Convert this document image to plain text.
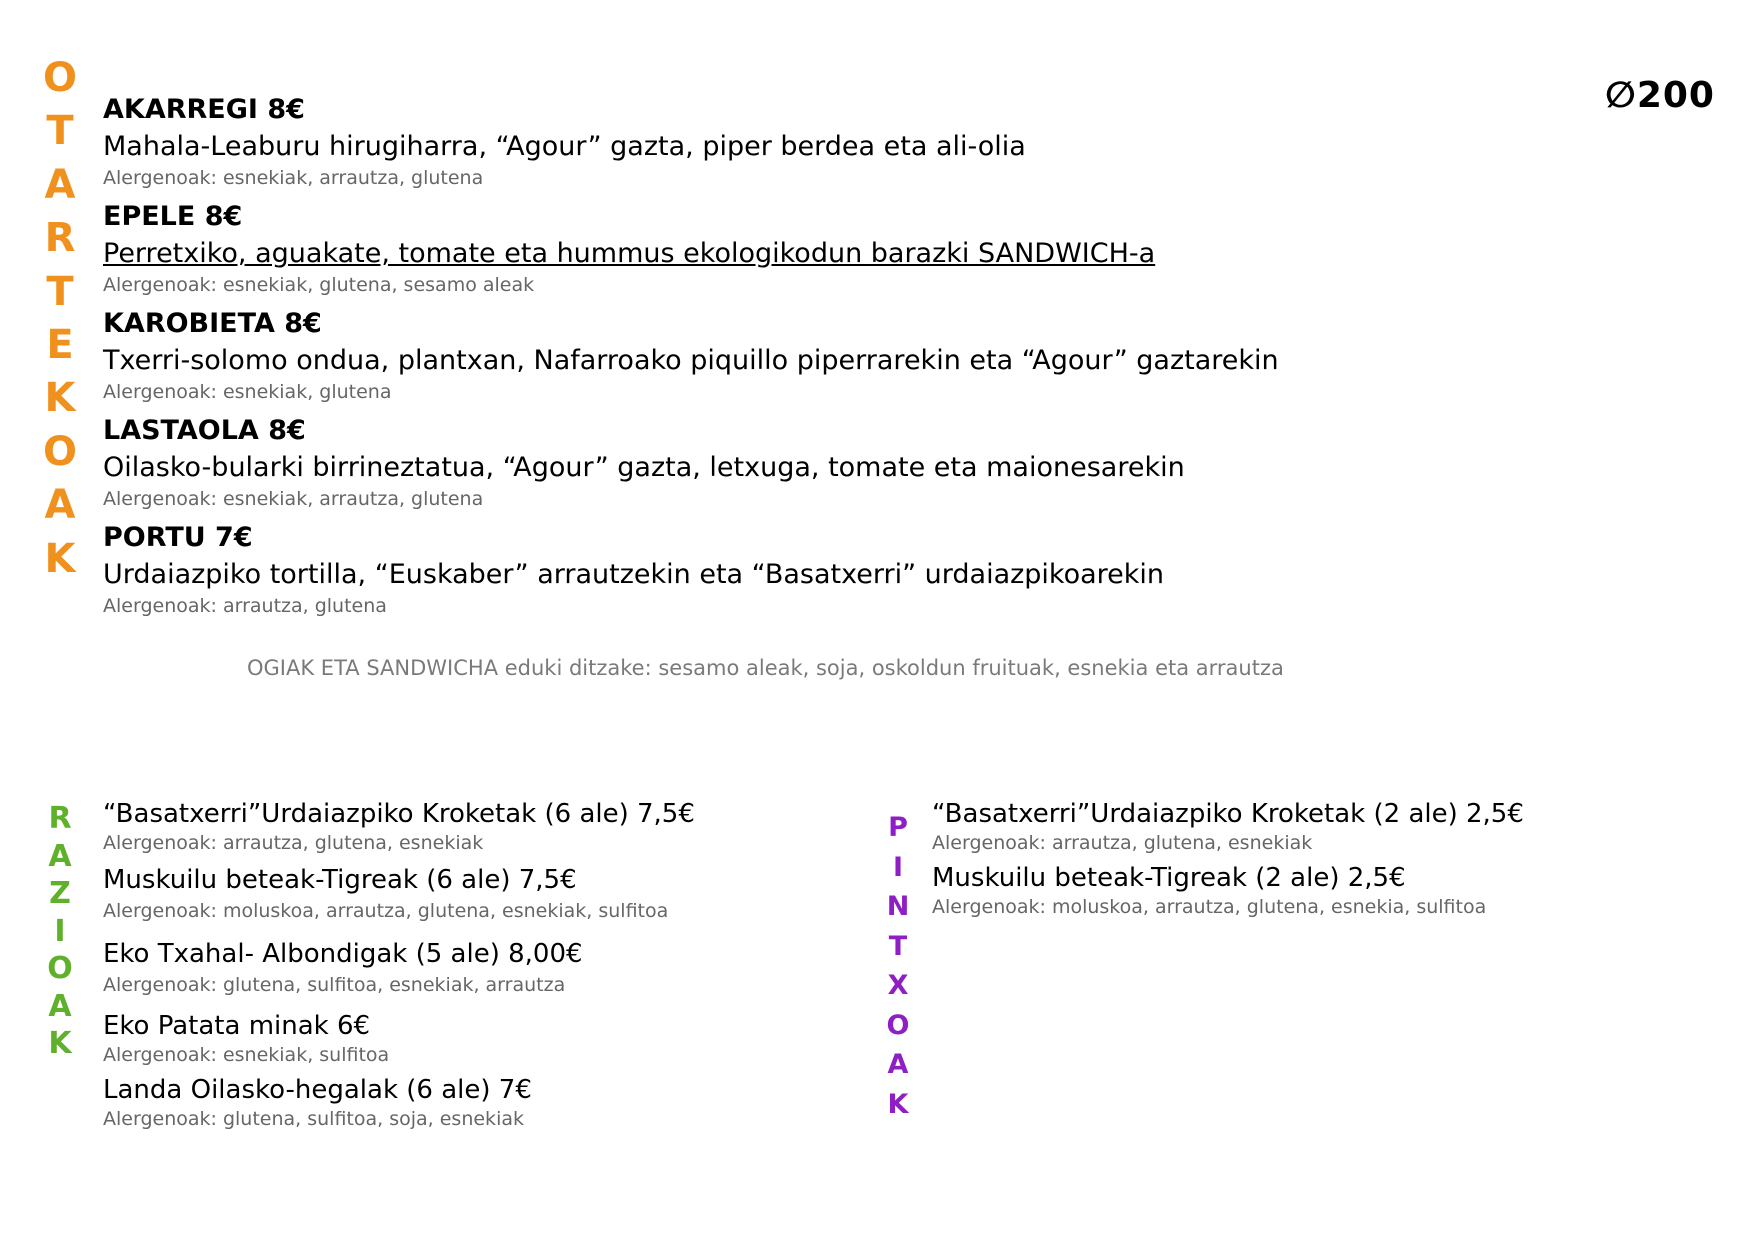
O
T
A
R
T
E
K
O
A
K
R
A
Z
I
O
A
K
P
I
N
T
X
O
A
K
∅200
AKARREGI 8€
Mahala-Leaburu hirugiharra, “Agour” gazta, piper berdea eta ali-olia
Alergenoak: esnekiak, arrautza, glutena
EPELE 8€
Perretxiko, aguakate, tomate eta hummus ekologikodun barazki SANDWICH-a
Alergenoak: esnekiak, glutena, sesamo aleak
KAROBIETA 8€
Txerri-solomo ondua, plantxan, Nafarroako piquillo piperrarekin eta “Agour” gaztarekin
Alergenoak: esnekiak, glutena
LASTAOLA 8€
Oilasko-bularki birrineztatua, “Agour” gazta, letxuga, tomate eta maionesarekin
Alergenoak: esnekiak, arrautza, glutena
PORTU 7€
Urdaiazpiko tortilla, “Euskaber” arrautzekin eta “Basatxerri” urdaiazpikoarekin
Alergenoak: arrautza, glutena
OGIAK ETA SANDWICHA eduki ditzake: sesamo aleak, soja, oskoldun fruituak, esnekia eta arrautza
“Basatxerri”Urdaiazpiko Kroketak (6 ale) 7,5€
Alergenoak: arrautza, glutena, esnekiak
Muskuilu beteak-Tigreak (6 ale) 7,5€
Alergenoak: moluskoa, arrautza, glutena, esnekiak, sulfitoa
Eko Txahal- Albondigak (5 ale) 8,00€
Alergenoak: glutena, sulfitoa, esnekiak, arrautza
Eko Patata minak 6€
Alergenoak: esnekiak, sulfitoa
Landa Oilasko-hegalak (6 ale) 7€
Alergenoak: glutena, sulfitoa, soja, esnekiak
“Basatxerri”Urdaiazpiko Kroketak (2 ale) 2,5€
Alergenoak: arrautza, glutena, esnekiak
Muskuilu beteak-Tigreak (2 ale) 2,5€
Alergenoak: moluskoa, arrautza, glutena, esnekia, sulfitoa
